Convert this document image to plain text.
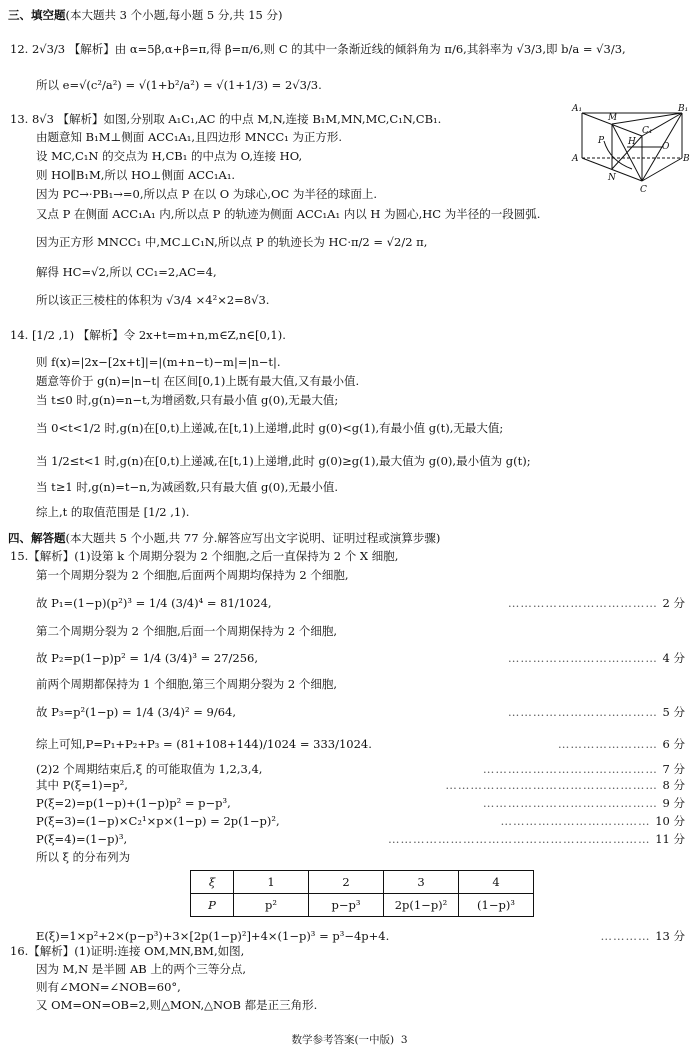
三、填空题(本大题共 3 个小题,每小题 5 分,共 15 分)
12. 2√3/3 【解析】由 α=5β,α+β=π,得 β=π/6,则 C 的其中一条渐近线的倾斜角为 π/6,其斜率为 √3/3,即 b/a = √3/3,
所以 e=√(c²/a²) = √(1+b²/a²) = √(1+1/3) = 2√3/3.
13. 8√3 【解析】如图,分别取 A₁C₁,AC 的中点 M,N,连接 B₁M,MN,MC,C₁N,CB₁.
由题意知 B₁M⊥侧面 ACC₁A₁,且四边形 MNCC₁ 为正方形.
设 MC,C₁N 的交点为 H,CB₁ 的中点为 O,连接 HO,
则 HO∥B₁M,所以 HO⊥侧面 ACC₁A₁.
因为 PC→·PB₁→=0,所以点 P 在以 O 为球心,OC 为半径的球面上.
又点 P 在侧面 ACC₁A₁ 内,所以点 P 的轨迹为侧面 ACC₁A₁ 内以 H 为圆心,HC 为半径的一段圆弧.
因为正方形 MNCC₁ 中,MC⊥C₁N,所以点 P 的轨迹长为 HC·π/2 = √2/2 π,
解得 HC=√2,所以 CC₁=2,AC=4,
所以该正三棱柱的体积为 √3/4 ×4²×2=8√3.
A₁
M
B₁
C₁
P	H	O
A	B
N
C
14. [1/2 ,1) 【解析】令 2x+t=m+n,m∈Z,n∈[0,1).
则 f(x)=|2x−[2x+t]|=|(m+n−t)−m|=|n−t|.
题意等价于 g(n)=|n−t| 在区间[0,1)上既有最大值,又有最小值.
当 t≤0 时,g(n)=n−t,为增函数,只有最小值 g(0),无最大值;
当 0<t<1/2 时,g(n)在[0,t)上递减,在[t,1)上递增,此时 g(0)<g(1),有最小值 g(t),无最大值;
当 1/2≤t<1 时,g(n)在[0,t)上递减,在[t,1)上递增,此时 g(0)≥g(1),最大值为 g(0),最小值为 g(t);
当 t≥1 时,g(n)=t−n,为减函数,只有最大值 g(0),无最小值.
综上,t 的取值范围是 [1/2 ,1).
四、解答题(本大题共 5 个小题,共 77 分.解答应写出文字说明、证明过程或演算步骤)
15.【解析】(1)设第 k 个周期分裂为 2 个细胞,之后一直保持为 2 个 X 细胞,
第一个周期分裂为 2 个细胞,后面两个周期均保持为 2 个细胞,
故 P₁=(1−p)(p²)³ = 1/4 (3/4)⁴ = 81/1024,	……………………………… 2 分
第二个周期分裂为 2 个细胞,后面一个周期保持为 2 个细胞,
故 P₂=p(1−p)p² = 1/4 (3/4)³ = 27/256,	……………………………… 4 分
前两个周期都保持为 1 个细胞,第三个周期分裂为 2 个细胞,
故 P₃=p²(1−p) = 1/4 (3/4)² = 9/64,	……………………………… 5 分
综上可知,P=P₁+P₂+P₃ = (81+108+144)/1024 = 333/1024.	…………………… 6 分
(2)2 个周期结束后,ξ 的可能取值为 1,2,3,4,	…………………………………… 7 分
其中 P(ξ=1)=p²,	…………………………………………… 8 分
P(ξ=2)=p(1−p)+(1−p)p² = p−p³,	…………………………………… 9 分
P(ξ=3)=(1−p)×C₂¹×p×(1−p) = 2p(1−p)²,	……………………………… 10 分
P(ξ=4)=(1−p)³,	……………………………………………………… 11 分
所以 ξ 的分布列为
ξ	1	2	3	4
P	p²	p−p³	2p(1−p)²	(1−p)³
E(ξ)=1×p²+2×(p−p³)+3×[2p(1−p)²]+4×(1−p)³ = p³−4p+4.	………… 13 分
16.【解析】(1)证明:连接 OM,MN,BM,如图,
因为 M,N 是半圆 AB 上的两个三等分点,
则有∠MON=∠NOB=60°,
又 OM=ON=OB=2,则△MON,△NOB 都是正三角形.
数学参考答案(一中版) 3
